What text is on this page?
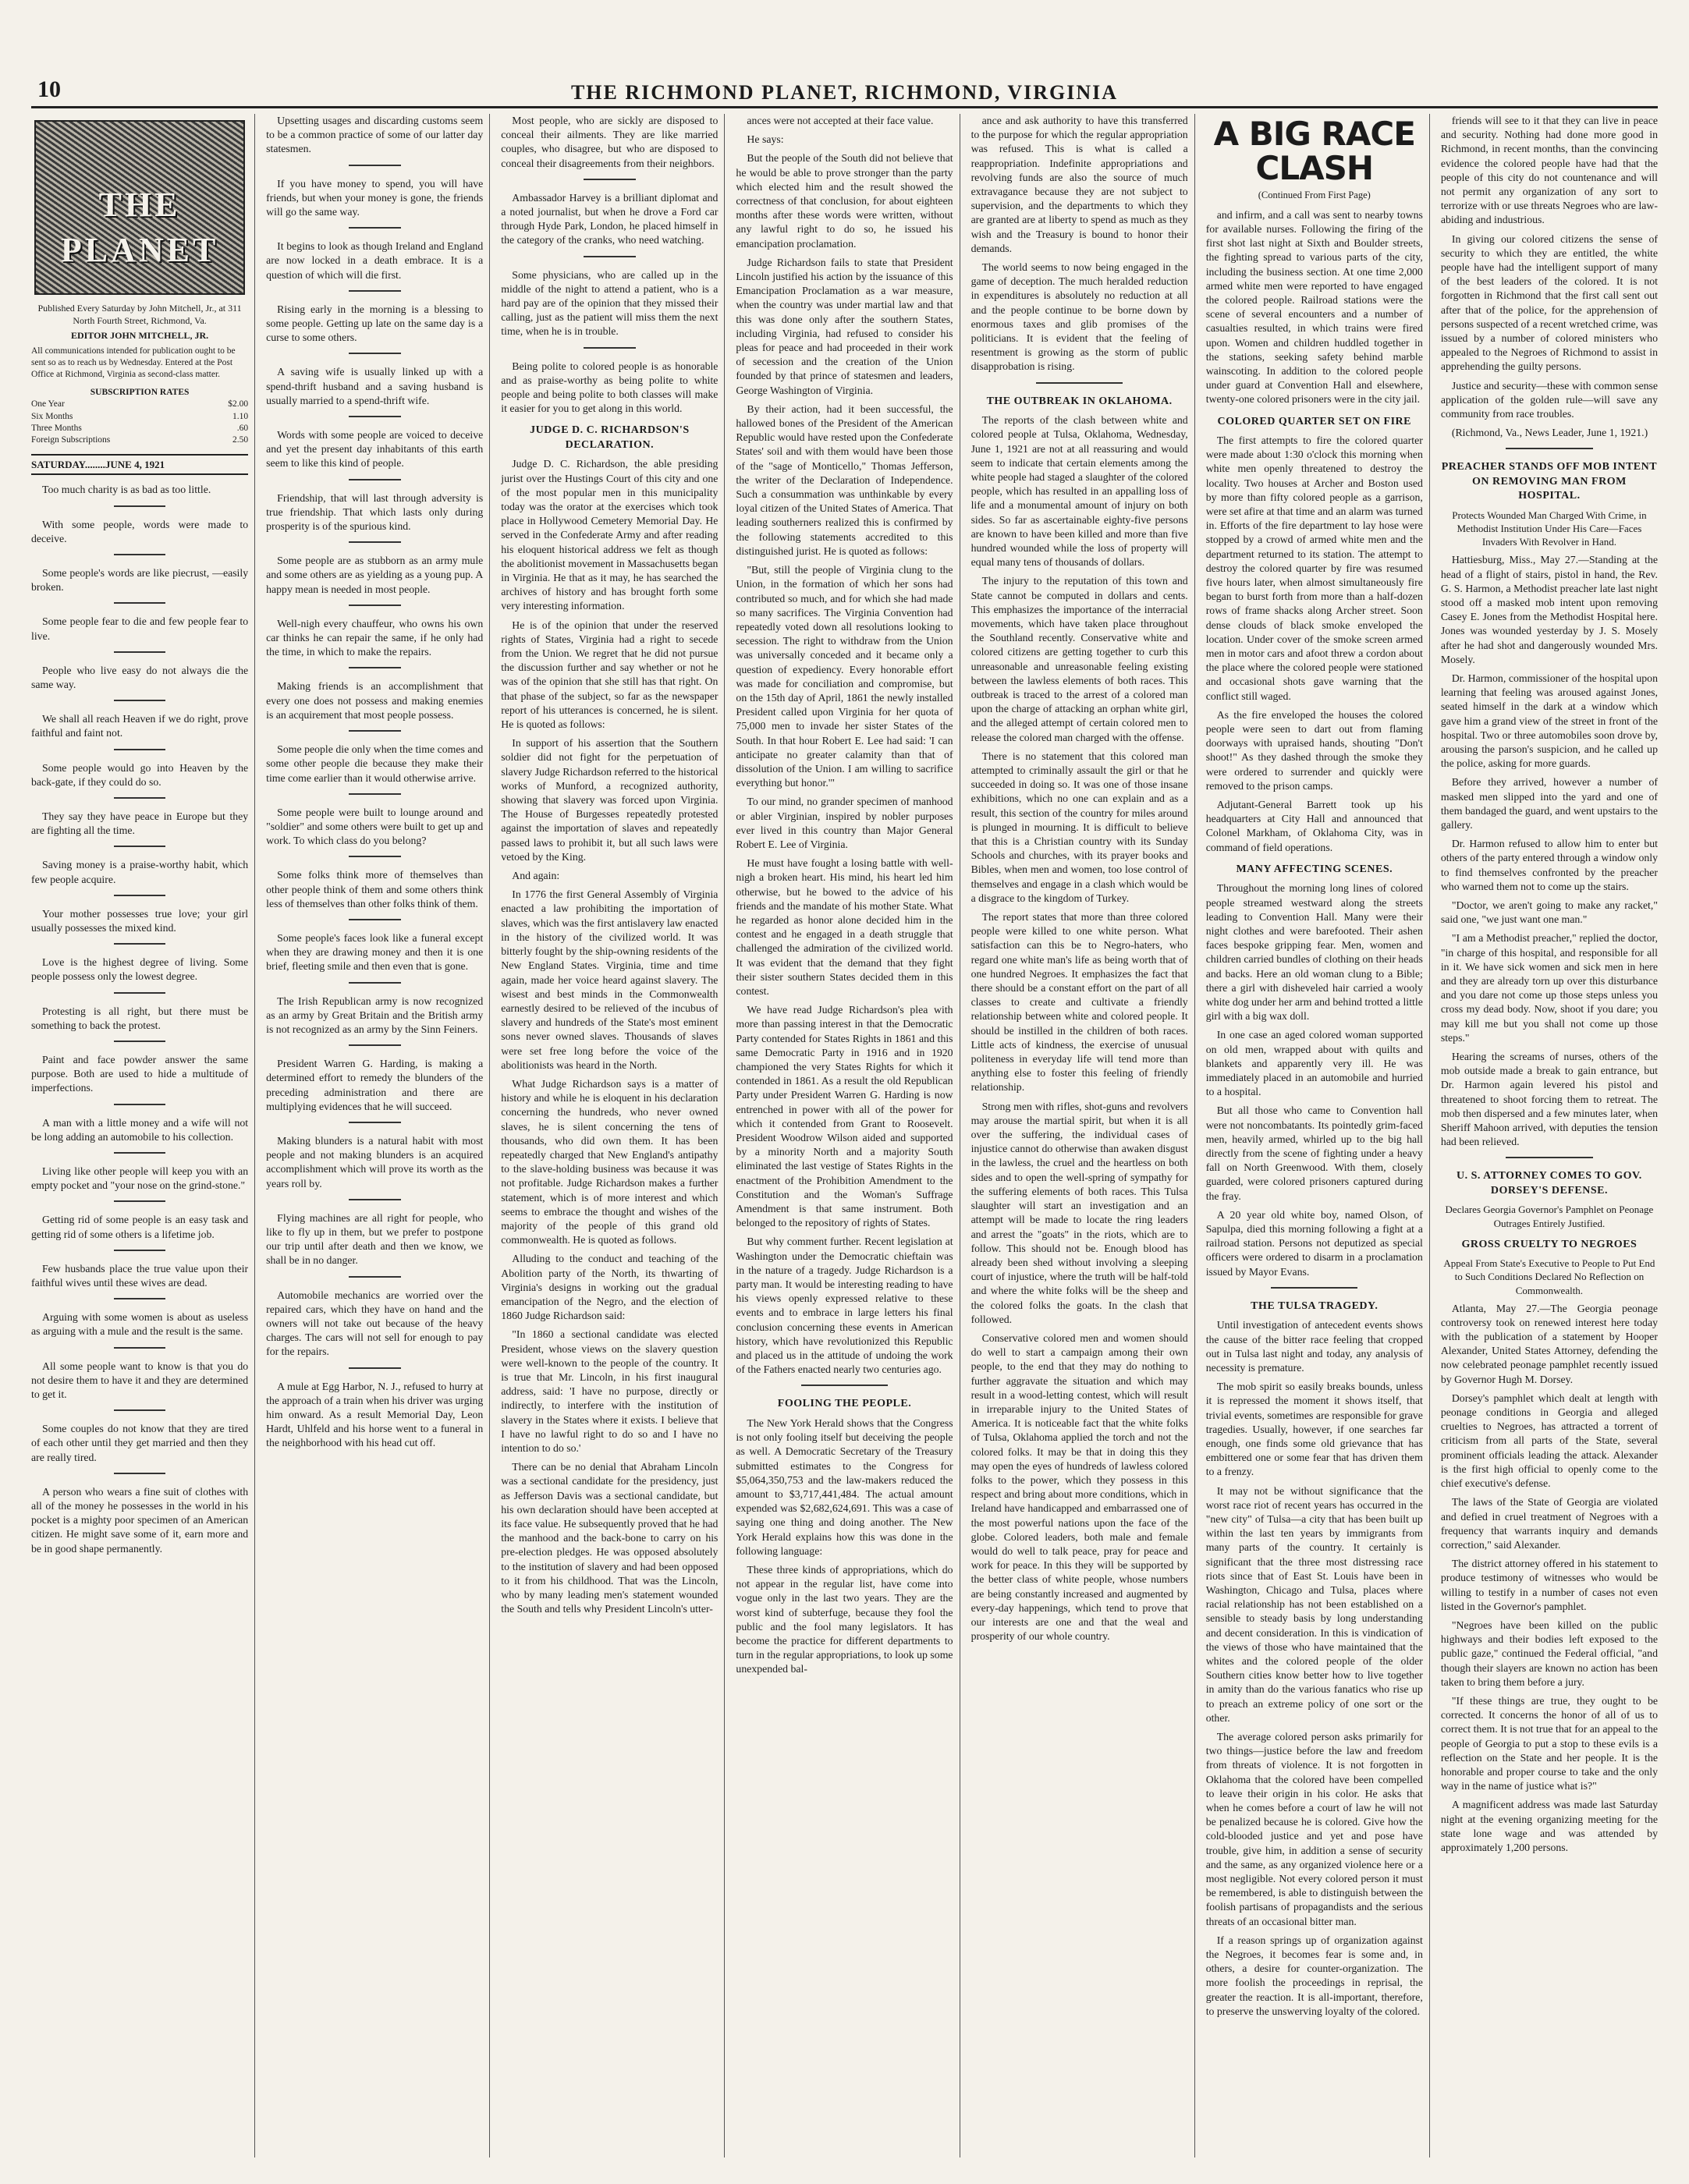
10	THE RICHMOND PLANET, RICHMOND, VIRGINIA
THE PLANET
Published Every Saturday by John Mitchell, Jr., at 311 North Fourth Street, Richmond, Va.
EDITOR JOHN MITCHELL, JR.
All communications intended for publication ought to be sent so as to reach us by Wednesday. Entered at the Post Office at Richmond, Virginia as second-class matter.
SUBSCRIPTION RATES
One Year	$2.00
Six Months	1.10
Three Months	.60
Foreign Subscriptions	2.50
SATURDAY........JUNE 4, 1921

Too much charity is as bad as too little.

With some people, words were made to deceive.

Some people's words are like piecrust, —easily broken.

Some people fear to die and few people fear to live.

People who live easy do not always die the same way.

We shall all reach Heaven if we do right, prove faithful and faint not.

Some people would go into Heaven by the back-gate, if they could do so.

They say they have peace in Europe but they are fighting all the time.

Saving money is a praise-worthy habit, which few people acquire.

Your mother possesses true love; your girl usually possesses the mixed kind.

Love is the highest degree of living. Some people possess only the lowest degree.

Protesting is all right, but there must be something to back the protest.

Paint and face powder answer the same purpose. Both are used to hide a multitude of imperfections.

A man with a little money and a wife will not be long adding an automobile to his collection.

Living like other people will keep you with an empty pocket and "your nose on the grind-stone."

Getting rid of some people is an easy task and getting rid of some others is a lifetime job.

Few husbands place the true value upon their faithful wives until these wives are dead.

Arguing with some women is about as useless as arguing with a mule and the result is the same.

All some people want to know is that you do not desire them to have it and they are determined to get it.

Some couples do not know that they are tired of each other until they get married and then they are really tired.

A person who wears a fine suit of clothes with all of the money he possesses in the world in his pocket is a mighty poor specimen of an American citizen. He might save some of it, earn more and be in good shape permanently.

Upsetting usages and discarding customs seem to be a common practice of some of our latter day statesmen.

If you have money to spend, you will have friends, but when your money is gone, the friends will go the same way.

It begins to look as though Ireland and England are now locked in a death embrace. It is a question of which will die first.

Rising early in the morning is a blessing to some people. Getting up late on the same day is a curse to some others.

A saving wife is usually linked up with a spend-thrift husband and a saving husband is usually married to a spend-thrift wife.

Words with some people are voiced to deceive and yet the present day inhabitants of this earth seem to like this kind of people.

Friendship, that will last through adversity is true friendship. That which lasts only during prosperity is of the spurious kind.

Some people are as stubborn as an army mule and some others are as yielding as a young pup. A happy mean is needed in most people.

Well-nigh every chauffeur, who owns his own car thinks he can repair the same, if he only had the time, in which to make the repairs.

Making friends is an accomplishment that every one does not possess and making enemies is an acquirement that most people possess.

Some people die only when the time comes and some other people die because they make their time come earlier than it would otherwise arrive.

Some people were built to lounge around and "soldier" and some others were built to get up and work. To which class do you belong?

Some folks think more of themselves than other people think of them and some others think less of themselves than other folks think of them.

Some people's faces look like a funeral except when they are drawing money and then it is one brief, fleeting smile and then even that is gone.

The Irish Republican army is now recognized as an army by Great Britain and the British army is not recognized as an army by the Sinn Feiners.

President Warren G. Harding, is making a determined effort to remedy the blunders of the preceding administration and there are multiplying evidences that he will succeed.

Making blunders is a natural habit with most people and not making blunders is an acquired accomplishment which will prove its worth as the years roll by.

Flying machines are all right for people, who like to fly up in them, but we prefer to postpone our trip until after death and then we know, we shall be in no danger.

Automobile mechanics are worried over the repaired cars, which they have on hand and the owners will not take out because of the heavy charges. The cars will not sell for enough to pay for the repairs.

A mule at Egg Harbor, N. J., refused to hurry at the approach of a train when his driver was urging him onward. As a result Memorial Day, Leon Hardt, Uhlfeld and his horse went to a funeral in the neighborhood with his head cut off.

Most people, who are sickly are disposed to conceal their ailments. They are like married couples, who disagree, but who are disposed to conceal their disagreements from their neighbors.

Ambassador Harvey is a brilliant diplomat and a noted journalist, but when he drove a Ford car through Hyde Park, London, he placed himself in the category of the cranks, who need watching.

Some physicians, who are called up in the middle of the night to attend a patient, who is a hard pay are of the opinion that they missed their calling, just as the patient will miss them the next time, when he is in trouble.

Being polite to colored people is as honorable and as praise-worthy as being polite to white people and being polite to both classes will make it easier for you to get along in this world.

JUDGE D. C. RICHARDSON'S DECLARATION.

Judge D. C. Richardson, the able presiding jurist over the Hustings Court of this city and one of the most popular men in this municipality today was the orator at the exercises which took place in Hollywood Cemetery Memorial Day. He served in the Confederate Army and after reading his eloquent historical address we felt as though the abolitionist movement in Massachusetts began in Virginia. He that as it may, he has searched the archives of history and has brought forth some very interesting information.

He is of the opinion that under the reserved rights of States, Virginia had a right to secede from the Union. We regret that he did not pursue the discussion further and say whether or not he was of the opinion that she still has that right. On that phase of the subject, so far as the newspaper report of his utterances is concerned, he is silent. He is quoted as follows:

In support of his assertion that the Southern soldier did not fight for the perpetuation of slavery Judge Richardson referred to the historical works of Munford, a recognized authority, showing that slavery was forced upon Virginia. The House of Burgesses repeatedly protested against the importation of slaves and repeatedly passed laws to prohibit it, but all such laws were vetoed by the King.

And again:

In 1776 the first General Assembly of Virginia enacted a law prohibiting the importation of slaves, which was the first antislavery law enacted in the history of the civilized world. It was bitterly fought by the ship-owning residents of the New England States. Virginia, time and time again, made her voice heard against slavery. The wisest and best minds in the Commonwealth earnestly desired to be relieved of the incubus of slavery and hundreds of the State's most eminent sons never owned slaves. Thousands of slaves were set free long before the voice of the abolitionists was heard in the North.

What Judge Richardson says is a matter of history and while he is eloquent in his declaration concerning the hundreds, who never owned slaves, he is silent concerning the tens of thousands, who did own them. It has been repeatedly charged that New England's antipathy to the slave-holding business was because it was not profitable. Judge Richardson makes a further statement, which is of more interest and which seems to embrace the thought and wishes of the majority of the people of this grand old commonwealth. He is quoted as follows.

Alluding to the conduct and teaching of the Abolition party of the North, its thwarting of Virginia's designs in working out the gradual emancipation of the Negro, and the election of 1860 Judge Richardson said:

"In 1860 a sectional candidate was elected President, whose views on the slavery question were well-known to the people of the country. It is true that Mr. Lincoln, in his first inaugural address, said: 'I have no purpose, directly or indirectly, to interfere with the institution of slavery in the States where it exists. I believe that I have no lawful right to do so and I have no intention to do so.'

There can be no denial that Abraham Lincoln was a sectional candidate for the presidency, just as Jefferson Davis was a sectional candidate, but his own declaration should have been accepted at its face value. He subsequently proved that he had the manhood and the back-bone to carry on his pre-election pledges. He was opposed absolutely to the institution of slavery and had been opposed to it from his childhood. That was the Lincoln, who by many leading men's statement wounded the South and tells why President Lincoln's utter-

ances were not accepted at their face value.

He says:

But the people of the South did not believe that he would be able to prove stronger than the party which elected him and the result showed the correctness of that conclusion, for about eighteen months after these words were written, without any lawful right to do so, he issued his emancipation proclamation.

Judge Richardson fails to state that President Lincoln justified his action by the issuance of this Emancipation Proclamation as a war measure, when the country was under martial law and that this was done only after the southern States, including Virginia, had refused to consider his pleas for peace and had proceeded in their work of secession and the creation of the Union founded by that prince of statesmen and leaders, George Washington of Virginia.

By their action, had it been successful, the hallowed bones of the President of the American Republic would have rested upon the Confederate States' soil and with them would have been those of the "sage of Monticello," Thomas Jefferson, the writer of the Declaration of Independence. Such a consummation was unthinkable by every loyal citizen of the United States of America. That leading southerners realized this is confirmed by the following statements accredited to this distinguished jurist. He is quoted as follows:

"But, still the people of Virginia clung to the Union, in the formation of which her sons had contributed so much, and for which she had made so many sacrifices. The Virginia Convention had repeatedly voted down all resolutions looking to secession. The right to withdraw from the Union was universally conceded and it became only a question of expediency. Every honorable effort was made for conciliation and compromise, but on the 15th day of April, 1861 the newly installed President called upon Virginia for her quota of 75,000 men to invade her sister States of the South. In that hour Robert E. Lee had said: 'I can anticipate no greater calamity than that of dissolution of the Union. I am willing to sacrifice everything but honor.'"

To our mind, no grander specimen of manhood or abler Virginian, inspired by nobler purposes ever lived in this country than Major General Robert E. Lee of Virginia.

He must have fought a losing battle with well-nigh a broken heart. His mind, his heart led him otherwise, but he bowed to the advice of his friends and the mandate of his mother State. What he regarded as honor alone decided him in the contest and he engaged in a death struggle that challenged the admiration of the civilized world. It was evident that the demand that they fight their sister southern States decided them in this contest.

We have read Judge Richardson's plea with more than passing interest in that the Democratic Party contended for States Rights in 1861 and this same Democratic Party in 1916 and in 1920 championed the very States Rights for which it contended in 1861. As a result the old Republican Party under President Warren G. Harding is now entrenched in power with all of the power for which it contended from Grant to Roosevelt. President Woodrow Wilson aided and supported by a minority North and a majority South eliminated the last vestige of States Rights in the enactment of the Prohibition Amendment to the Constitution and the Woman's Suffrage Amendment is that same instrument. Both belonged to the repository of rights of States.

But why comment further. Recent legislation at Washington under the Democratic chieftain was in the nature of a tragedy. Judge Richardson is a party man. It would be interesting reading to have his views openly expressed relative to these events and to embrace in large letters his final conclusion concerning these events in American history, which have revolutionized this Republic and placed us in the attitude of undoing the work of the Fathers enacted nearly two centuries ago.

FOOLING THE PEOPLE.

The New York Herald shows that the Congress is not only fooling itself but deceiving the people as well. A Democratic Secretary of the Treasury submitted estimates to the Congress for $5,064,350,753 and the law-makers reduced the amount to $3,717,441,484. The actual amount expended was $2,682,624,691. This was a case of saying one thing and doing another. The New York Herald explains how this was done in the following language:

These three kinds of appropriations, which do not appear in the regular list, have come into vogue only in the last two years. They are the worst kind of subterfuge, because they fool the public and the fool many legislators. It has become the practice for different departments to turn in the regular appropriations, to look up some unexpended bal-

ance and ask authority to have this transferred to the purpose for which the regular appropriation was refused. This is what is called a reappropriation. Indefinite appropriations and revolving funds are also the source of much extravagance because they are not subject to supervision, and the departments to which they are granted are at liberty to spend as much as they wish and the Treasury is bound to honor their demands.

The world seems to now being engaged in the game of deception. The much heralded reduction in expenditures is absolutely no reduction at all and the people continue to be borne down by enormous taxes and glib promises of the politicians. It is evident that the feeling of resentment is growing as the storm of public disapprobation is rising.

THE OUTBREAK IN OKLAHOMA.

The reports of the clash between white and colored people at Tulsa, Oklahoma, Wednesday, June 1, 1921 are not at all reassuring and would seem to indicate that certain elements among the white people had staged a slaughter of the colored people, which has resulted in an appalling loss of life and a monumental amount of injury on both sides. So far as ascertainable eighty-five persons are known to have been killed and more than five hundred wounded while the loss of property will equal many tens of thousands of dollars.

The injury to the reputation of this town and State cannot be computed in dollars and cents. This emphasizes the importance of the interracial movements, which have taken place throughout the Southland recently. Conservative white and colored citizens are getting together to curb this unreasonable and unreasonable feeling existing between the lawless elements of both races. This outbreak is traced to the arrest of a colored man upon the charge of attacking an orphan white girl, and the alleged attempt of certain colored men to release the colored man charged with the offense.

There is no statement that this colored man attempted to criminally assault the girl or that he succeeded in doing so. It was one of those insane exhibitions, which no one can explain and as a result, this section of the country for miles around is plunged in mourning. It is difficult to believe that this is a Christian country with its Sunday Schools and churches, with its prayer books and Bibles, when men and women, too lose control of themselves and engage in a clash which would be a disgrace to the kingdom of Turkey.

The report states that more than three colored people were killed to one white person. What satisfaction can this be to Negro-haters, who regard one white man's life as being worth that of one hundred Negroes. It emphasizes the fact that there should be a constant effort on the part of all classes to create and cultivate a friendly relationship between white and colored people. It should be instilled in the children of both races. Little acts of kindness, the exercise of unusual politeness in everyday life will tend more than anything else to foster this feeling of friendly relationship.

Strong men with rifles, shot-guns and revolvers may arouse the martial spirit, but when it is all over the suffering, the individual cases of injustice cannot do otherwise than awaken disgust in the lawless, the cruel and the heartless on both sides and to open the well-spring of sympathy for the suffering elements of both races. This Tulsa slaughter will start an investigation and an attempt will be made to locate the ring leaders and arrest the "goats" in the riots, which are to follow. This should not be. Enough blood has already been shed without involving a sleeping court of injustice, where the truth will be half-told and where the white folks will be the sheep and the colored folks the goats. In the clash that followed.

Conservative colored men and women should do well to start a campaign among their own people, to the end that they may do nothing to further aggravate the situation and which may result in a wood-letting contest, which will result in irreparable injury to the United States of America. It is noticeable fact that the white folks of Tulsa, Oklahoma applied the torch and not the colored folks. It may be that in doing this they may open the eyes of hundreds of lawless colored folks to the power, which they possess in this respect and bring about more conditions, which in Ireland have handicapped and embarrassed one of the most powerful nations upon the face of the globe. Colored leaders, both male and female would do well to talk peace, pray for peace and work for peace. In this they will be supported by the better class of white people, whose numbers are being constantly increased and augmented by every-day happenings, which tend to prove that our interests are one and that the weal and prosperity of our whole country.

A BIG RACE CLASH
(Continued From First Page)

and infirm, and a call was sent to nearby towns for available nurses. Following the firing of the first shot last night at Sixth and Boulder streets, the fighting spread to various parts of the city, including the business section. At one time 2,000 armed white men were reported to have engaged the colored people. Railroad stations were the scene of several encounters and a number of casualties resulted, in which trains were fired upon. Women and children huddled together in the stations, seeking safety behind marble wainscoting. In addition to the colored people under guard at Convention Hall and elsewhere, twenty-one colored prisoners were in the city jail.

COLORED QUARTER SET ON FIRE

The first attempts to fire the colored quarter were made about 1:30 o'clock this morning when white men openly threatened to destroy the locality. Two houses at Archer and Boston used by more than fifty colored people as a garrison, were set afire at that time and an alarm was turned in. Efforts of the fire department to lay hose were stopped by a crowd of armed white men and the department returned to its station. The attempt to destroy the colored quarter by fire was resumed five hours later, when almost simultaneously fire began to burst forth from more than a half-dozen rows of frame shacks along Archer street. Soon dense clouds of black smoke enveloped the location. Under cover of the smoke screen armed men in motor cars and afoot threw a cordon about the place where the colored people were stationed and occasional shots gave warning that the conflict still waged.

As the fire enveloped the houses the colored people were seen to dart out from flaming doorways with upraised hands, shouting "Don't shoot!" As they dashed through the smoke they were ordered to surrender and quickly were removed to the prison camps.

Adjutant-General Barrett took up his headquarters at City Hall and announced that Colonel Markham, of Oklahoma City, was in command of field operations.

MANY AFFECTING SCENES.

Throughout the morning long lines of colored people streamed westward along the streets leading to Convention Hall. Many were their night clothes and were barefooted. Their ashen faces bespoke gripping fear. Men, women and children carried bundles of clothing on their heads and backs. Here an old woman clung to a Bible; there a girl with disheveled hair carried a wooly white dog under her arm and behind trotted a little girl with a big wax doll.

In one case an aged colored woman supported on old men, wrapped about with quilts and blankets and apparently very ill. He was immediately placed in an automobile and hurried to a hospital.

But all those who came to Convention hall were not noncombatants. Its pointedly grim-faced men, heavily armed, whirled up to the big hall directly from the scene of fighting under a heavy fall on North Greenwood. With them, closely guarded, were colored prisoners captured during the fray.

A 20 year old white boy, named Olson, of Sapulpa, died this morning following a fight at a railroad station. Persons not deputized as special officers were ordered to disarm in a proclamation issued by Mayor Evans.

THE TULSA TRAGEDY.

Until investigation of antecedent events shows the cause of the bitter race feeling that cropped out in Tulsa last night and today, any analysis of necessity is premature.

The mob spirit so easily breaks bounds, unless it is repressed the moment it shows itself, that trivial events, sometimes are responsible for grave tragedies. Usually, however, if one searches far enough, one finds some old grievance that has embittered one or some fear that has driven them to a frenzy.

It may not be without significance that the worst race riot of recent years has occurred in the "new city" of Tulsa—a city that has been built up within the last ten years by immigrants from many parts of the country. It certainly is significant that the three most distressing race riots since that of East St. Louis have been in Washington, Chicago and Tulsa, places where racial relationship has not been established on a sensible to steady basis by long understanding and decent consideration. In this is vindication of the views of those who have maintained that the whites and the colored people of the older Southern cities know better how to live together in amity than do the various fanatics who rise up to preach an extreme policy of one sort or the other.

The average colored person asks primarily for two things—justice before the law and freedom from threats of violence. It is not forgotten in Oklahoma that the colored have been compelled to leave their origin in his color. He asks that when he comes before a court of law he will not be penalized because he is colored. Give how the cold-blooded justice and yet and pose have trouble, give him, in addition a sense of security and the same, as any organized violence here or a most negligible. Not every colored person it must be remembered, is able to distinguish between the foolish partisans of propagandists and the serious threats of an occasional bitter man.

If a reason springs up of organization against the Negroes, it becomes fear is some and, in others, a desire for counter-organization. The more foolish the proceedings in reprisal, the greater the reaction. It is all-important, therefore, to preserve the unswerving loyalty of the colored.

friends will see to it that they can live in peace and security. Nothing had done more good in Richmond, in recent months, than the convincing evidence the colored people have had that the people of this city do not countenance and will not permit any organization of any sort to terrorize with or use threats Negroes who are law-abiding and industrious.

In giving our colored citizens the sense of security to which they are entitled, the white people have had the intelligent support of many of the best leaders of the colored. It is not forgotten in Richmond that the first call sent out after that of the police, for the apprehension of persons suspected of a recent wretched crime, was issued by a number of colored ministers who appealed to the Negroes of Richmond to assist in apprehending the guilty persons.

Justice and security—these with common sense application of the golden rule—will save any community from race troubles.

(Richmond, Va., News Leader, June 1, 1921.)

PREACHER STANDS OFF MOB INTENT ON REMOVING MAN FROM HOSPITAL.
Protects Wounded Man Charged With Crime, in Methodist Institution Under His Care—Faces Invaders With Revolver in Hand.

Hattiesburg, Miss., May 27.—Standing at the head of a flight of stairs, pistol in hand, the Rev. G. S. Harmon, a Methodist preacher late last night stood off a masked mob intent upon removing Casey E. Jones from the Methodist Hospital here. Jones was wounded yesterday by J. S. Mosely after he had shot and dangerously wounded Mrs. Mosely.

Dr. Harmon, commissioner of the hospital upon learning that feeling was aroused against Jones, seated himself in the dark at a window which gave him a grand view of the street in front of the hospital. Two or three automobiles soon drove by, arousing the parson's suspicion, and he called up the police, asking for more guards.

Before they arrived, however a number of masked men slipped into the yard and one of them bandaged the guard, and went upstairs to the gallery.

Dr. Harmon refused to allow him to enter but others of the party entered through a window only to find themselves confronted by the preacher who warned them not to come up the stairs.

"Doctor, we aren't going to make any racket," said one, "we just want one man."

"I am a Methodist preacher," replied the doctor, "in charge of this hospital, and responsible for all in it. We have sick women and sick men in here and they are already torn up over this disturbance and you dare not come up those steps unless you cross my dead body. Now, shoot if you dare; you may kill me but you shall not come up those steps."

Hearing the screams of nurses, others of the mob outside made a break to gain entrance, but Dr. Harmon again levered his pistol and threatened to shoot forcing them to retreat. The mob then dispersed and a few minutes later, when Sheriff Mahoon arrived, with deputies the tension had been relieved.

U. S. ATTORNEY COMES TO GOV. DORSEY'S DEFENSE.
Declares Georgia Governor's Pamphlet on Peonage Outrages Entirely Justified.
GROSS CRUELTY TO NEGROES
Appeal From State's Executive to People to Put End to Such Conditions Declared No Reflection on Commonwealth.

Atlanta, May 27.—The Georgia peonage controversy took on renewed interest here today with the publication of a statement by Hooper Alexander, United States Attorney, defending the now celebrated peonage pamphlet recently issued by Governor Hugh M. Dorsey.

Dorsey's pamphlet which dealt at length with peonage conditions in Georgia and alleged cruelties to Negroes, has attracted a torrent of criticism from all parts of the State, several prominent officials leading the attack. Alexander is the first high official to openly come to the chief executive's defense.

The laws of the State of Georgia are violated and defied in cruel treatment of Negroes with a frequency that warrants inquiry and demands correction," said Alexander.

The district attorney offered in his statement to produce testimony of witnesses who would be willing to testify in a number of cases not even listed in the Governor's pamphlet.

"Negroes have been killed on the public highways and their bodies left exposed to the public gaze," continued the Federal official, "and though their slayers are known no action has been taken to bring them before a jury.

"If these things are true, they ought to be corrected. It concerns the honor of all of us to correct them. It is not true that for an appeal to the people of Georgia to put a stop to these evils is a reflection on the State and her people. It is the honorable and proper course to take and the only way in the name of justice what is?"

A magnificent address was made last Saturday night at the evening organizing meeting for the state lone wage and was attended by approximately 1,200 persons.
